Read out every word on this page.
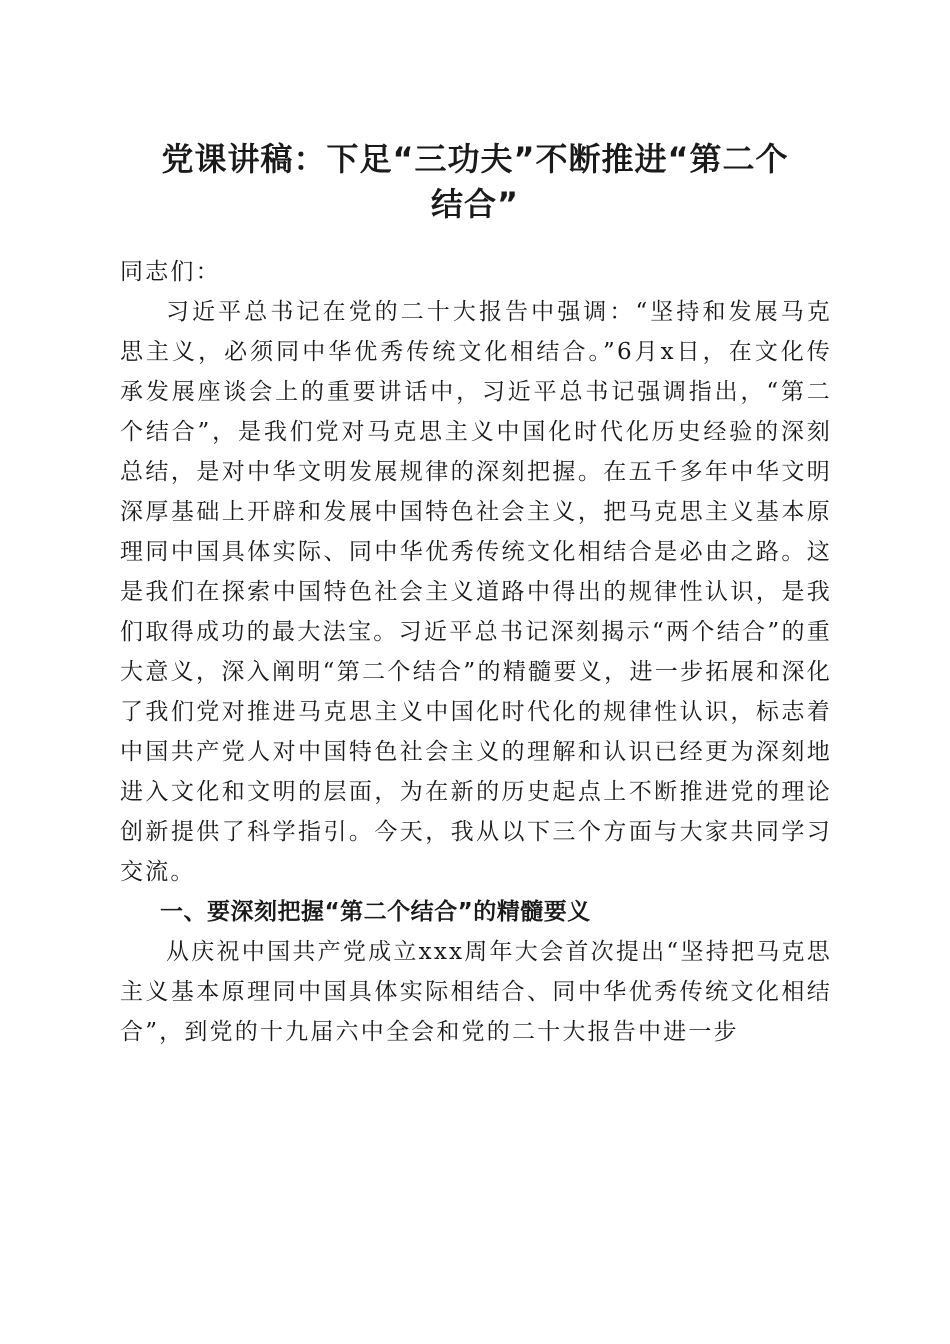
党课讲稿：下足“三功夫”不断推进“第二个
结合”

同志们：

习近平总书记在党的二十大报告中强调：“坚持和发展马克思主义，必须同中华优秀传统文化相结合。”6月x日，在文化传承发展座谈会上的重要讲话中，习近平总书记强调指出，“第二个结合”，是我们党对马克思主义中国化时代化历史经验的深刻总结，是对中华文明发展规律的深刻把握。在五千多年中华文明深厚基础上开辟和发展中国特色社会主义，把马克思主义基本原理同中国具体实际、同中华优秀传统文化相结合是必由之路。这是我们在探索中国特色社会主义道路中得出的规律性认识，是我们取得成功的最大法宝。习近平总书记深刻揭示“两个结合”的重大意义，深入阐明“第二个结合”的精髓要义，进一步拓展和深化了我们党对推进马克思主义中国化时代化的规律性认识，标志着中国共产党人对中国特色社会主义的理解和认识已经更为深刻地进入文化和文明的层面，为在新的历史起点上不断推进党的理论创新提供了科学指引。今天，我从以下三个方面与大家共同学习交流。

一、要深刻把握“第二个结合”的精髓要义

从庆祝中国共产党成立xxx周年大会首次提出“坚持把马克思主义基本原理同中国具体实际相结合、同中华优秀传统文化相结合”，到党的十九届六中全会和党的二十大报告中进一步
